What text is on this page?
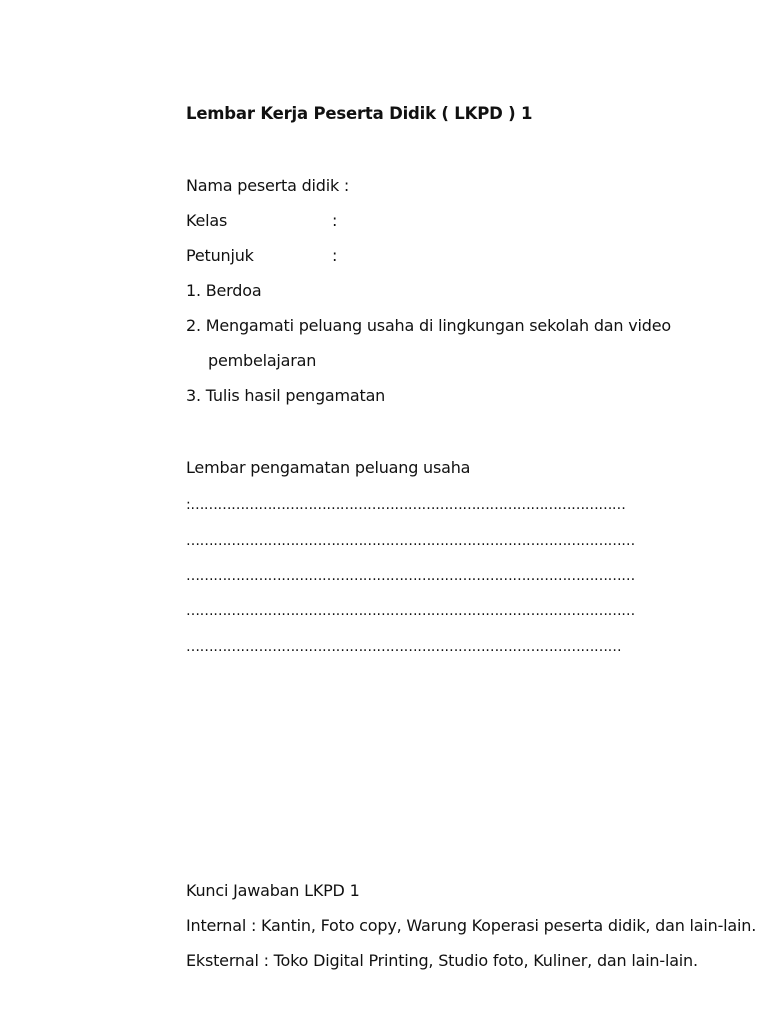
Lembar Kerja Peserta Didik ( LKPD ) 1
Nama peserta didik :
Kelas	:
Petunjuk	:
1. Berdoa
2. Mengamati peluang usaha di lingkungan sekolah dan video
pembelajaran
3. Tulis hasil pengamatan
Lembar pengamatan peluang usaha
:……………………………………………………………………………………
………………………………………………………………………………………
………………………………………………………………………………………
………………………………………………………………………………………
……………………………………………………………………………………
Kunci Jawaban LKPD 1
Internal : Kantin, Foto copy, Warung Koperasi peserta didik, dan lain-lain.
Eksternal : Toko Digital Printing, Studio foto, Kuliner, dan lain-lain.
